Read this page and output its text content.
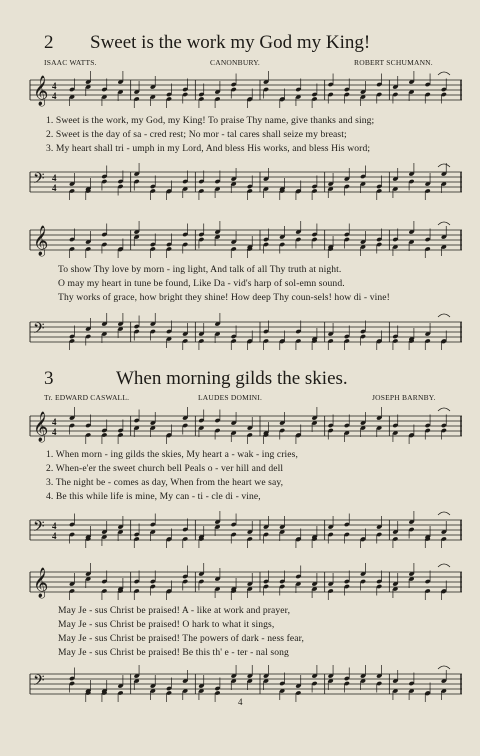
2 Sweet is the work my God my King!
ISAAC WATTS.	CANONBURY.	ROBERT SCHUMANN.
𝄞 4
4
1. Sweet is the work, my God, my King! To praise Thy name, give thanks and sing;
2. Sweet is the day of sa - cred rest; No mor - tal cares shall seize my breast;
3. My heart shall tri - umph in my Lord, And bless His works, and bless His word;
𝄢 4
4
𝄞
To show Thy love by morn - ing light, And talk of all Thy truth at night.
O may my heart in tune be found, Like Da - vid's harp of sol-emn sound.
Thy works of grace, how bright they shine! How deep Thy coun-sels! how di - vine!
𝄢
3	When morning gilds the skies.
Tr. EDWARD CASWALL.	LAUDES DOMINI.	JOSEPH BARNBY.
𝄞 4
4
1. When morn - ing gilds the skies, My heart a - wak - ing cries,
2. When-e'er the sweet church bell Peals o - ver hill and dell
3. The night be - comes as day, When from the heart we say,
4. Be this while life is mine, My can - ti - cle di - vine,
𝄢 4
4
𝄞
May Je - sus Christ be praised! A - like at work and prayer,
May Je - sus Christ be praised! O hark to what it sings,
May Je - sus Christ be praised! The powers of dark - ness fear,
May Je - sus Christ be praised! Be this th' e - ter - nal song
𝄢
4
